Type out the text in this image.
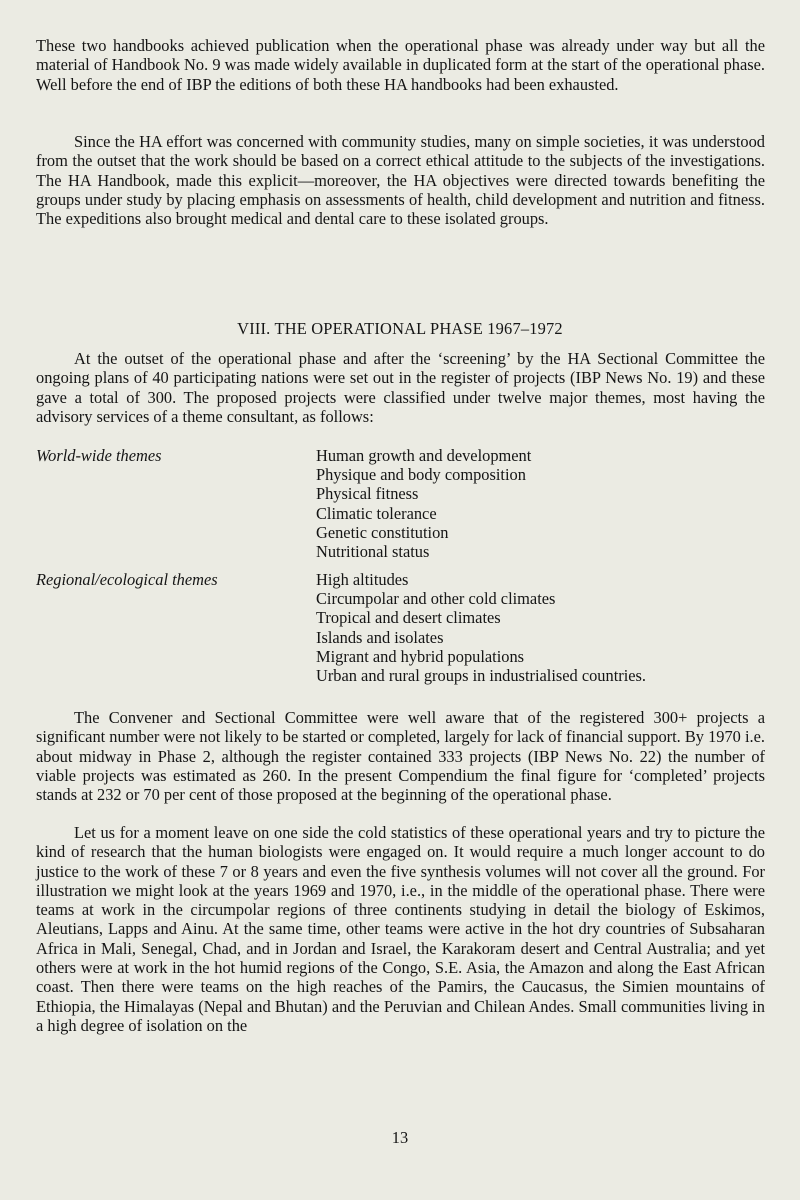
These two handbooks achieved publication when the operational phase was already under way but all the material of Handbook No. 9 was made widely available in duplicated form at the start of the operational phase. Well before the end of IBP the editions of both these HA handbooks had been exhausted.

Since the HA effort was concerned with community studies, many on simple societies, it was understood from the outset that the work should be based on a correct ethical attitude to the subjects of the investigations. The HA Handbook, made this explicit—moreover, the HA objectives were directed towards benefiting the groups under study by placing emphasis on assessments of health, child development and nutrition and fitness. The expeditions also brought medical and dental care to these isolated groups.

VIII. THE OPERATIONAL PHASE 1967–1972

At the outset of the operational phase and after the ‘screening’ by the HA Sectional Committee the ongoing plans of 40 participating nations were set out in the register of projects (IBP News No. 19) and these gave a total of 300. The proposed projects were classified under twelve major themes, most having the advisory services of a theme consultant, as follows:

World-wide themes	Human growth and development
Physique and body composition
Physical fitness
Climatic tolerance
Genetic constitution
Nutritional status
Regional/ecological themes	High altitudes
Circumpolar and other cold climates
Tropical and desert climates
Islands and isolates
Migrant and hybrid populations
Urban and rural groups in industrialised countries.

The Convener and Sectional Committee were well aware that of the registered 300+ projects a significant number were not likely to be started or completed, largely for lack of financial support. By 1970 i.e. about midway in Phase 2, although the register contained 333 projects (IBP News No. 22) the number of viable projects was estimated as 260. In the present Compendium the final figure for ‘completed’ projects stands at 232 or 70 per cent of those proposed at the beginning of the operational phase.

Let us for a moment leave on one side the cold statistics of these operational years and try to picture the kind of research that the human biologists were engaged on. It would require a much longer account to do justice to the work of these 7 or 8 years and even the five synthesis volumes will not cover all the ground. For illustration we might look at the years 1969 and 1970, i.e., in the middle of the operational phase. There were teams at work in the circumpolar regions of three continents studying in detail the biology of Eskimos, Aleutians, Lapps and Ainu. At the same time, other teams were active in the hot dry countries of Subsaharan Africa in Mali, Senegal, Chad, and in Jordan and Israel, the Karakoram desert and Central Australia; and yet others were at work in the hot humid regions of the Congo, S.E. Asia, the Amazon and along the East African coast. Then there were teams on the high reaches of the Pamirs, the Caucasus, the Simien mountains of Ethiopia, the Himalayas (Nepal and Bhutan) and the Peruvian and Chilean Andes. Small communities living in a high degree of isolation on the

13
